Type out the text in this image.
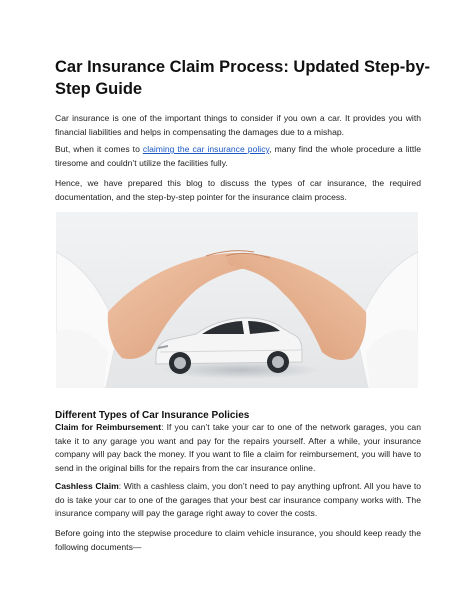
Car Insurance Claim Process: Updated Step-by-Step Guide
Car insurance is one of the important things to consider if you own a car. It provides you with financial liabilities and helps in compensating the damages due to a mishap.
But, when it comes to claiming the car insurance policy, many find the whole procedure a little tiresome and couldn’t utilize the facilities fully.
Hence, we have prepared this blog to discuss the types of car insurance, the required documentation, and the step-by-step pointer for the insurance claim process.
Different Types of Car Insurance Policies
Claim for Reimbursement: If you can’t take your car to one of the network garages, you can take it to any garage you want and pay for the repairs yourself. After a while, your insurance company will pay back the money. If you want to file a claim for reimbursement, you will have to send in the original bills for the repairs from the car insurance online.
Cashless Claim: With a cashless claim, you don’t need to pay anything upfront. All you have to do is take your car to one of the garages that your best car insurance company works with. The insurance company will pay the garage right away to cover the costs.
Before going into the stepwise procedure to claim vehicle insurance, you should keep ready the following documents—
